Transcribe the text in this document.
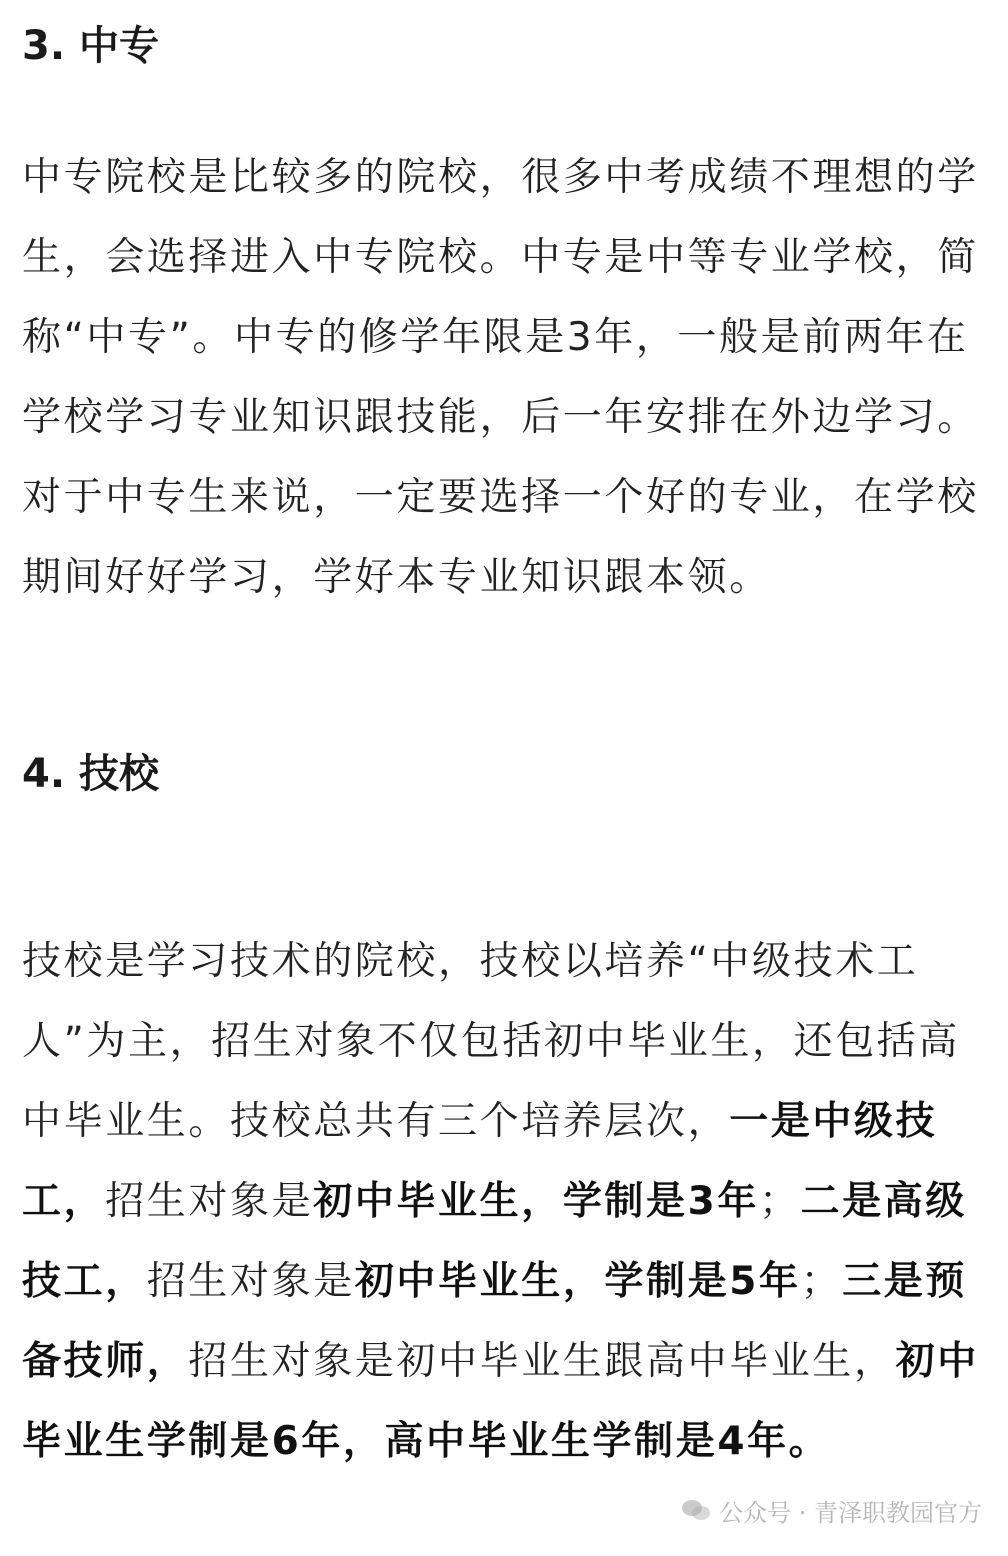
3. 中专

中专院校是比较多的院校，很多中考成绩不理想的学生，会选择进入中专院校。中专是中等专业学校，简称“中专”。中专的修学年限是3年，一般是前两年在学校学习专业知识跟技能，后一年安排在外边学习。对于中专生来说，一定要选择一个好的专业，在学校期间好好学习，学好本专业知识跟本领。

4. 技校

技校是学习技术的院校，技校以培养“中级技术工人”为主，招生对象不仅包括初中毕业生，还包括高中毕业生。技校总共有三个培养层次，一是中级技工，招生对象是初中毕业生，学制是3年；二是高级技工，招生对象是初中毕业生，学制是5年；三是预备技师，招生对象是初中毕业生跟高中毕业生，初中毕业生学制是6年，高中毕业生学制是4年。

公众号 · 青泽职教园官方
